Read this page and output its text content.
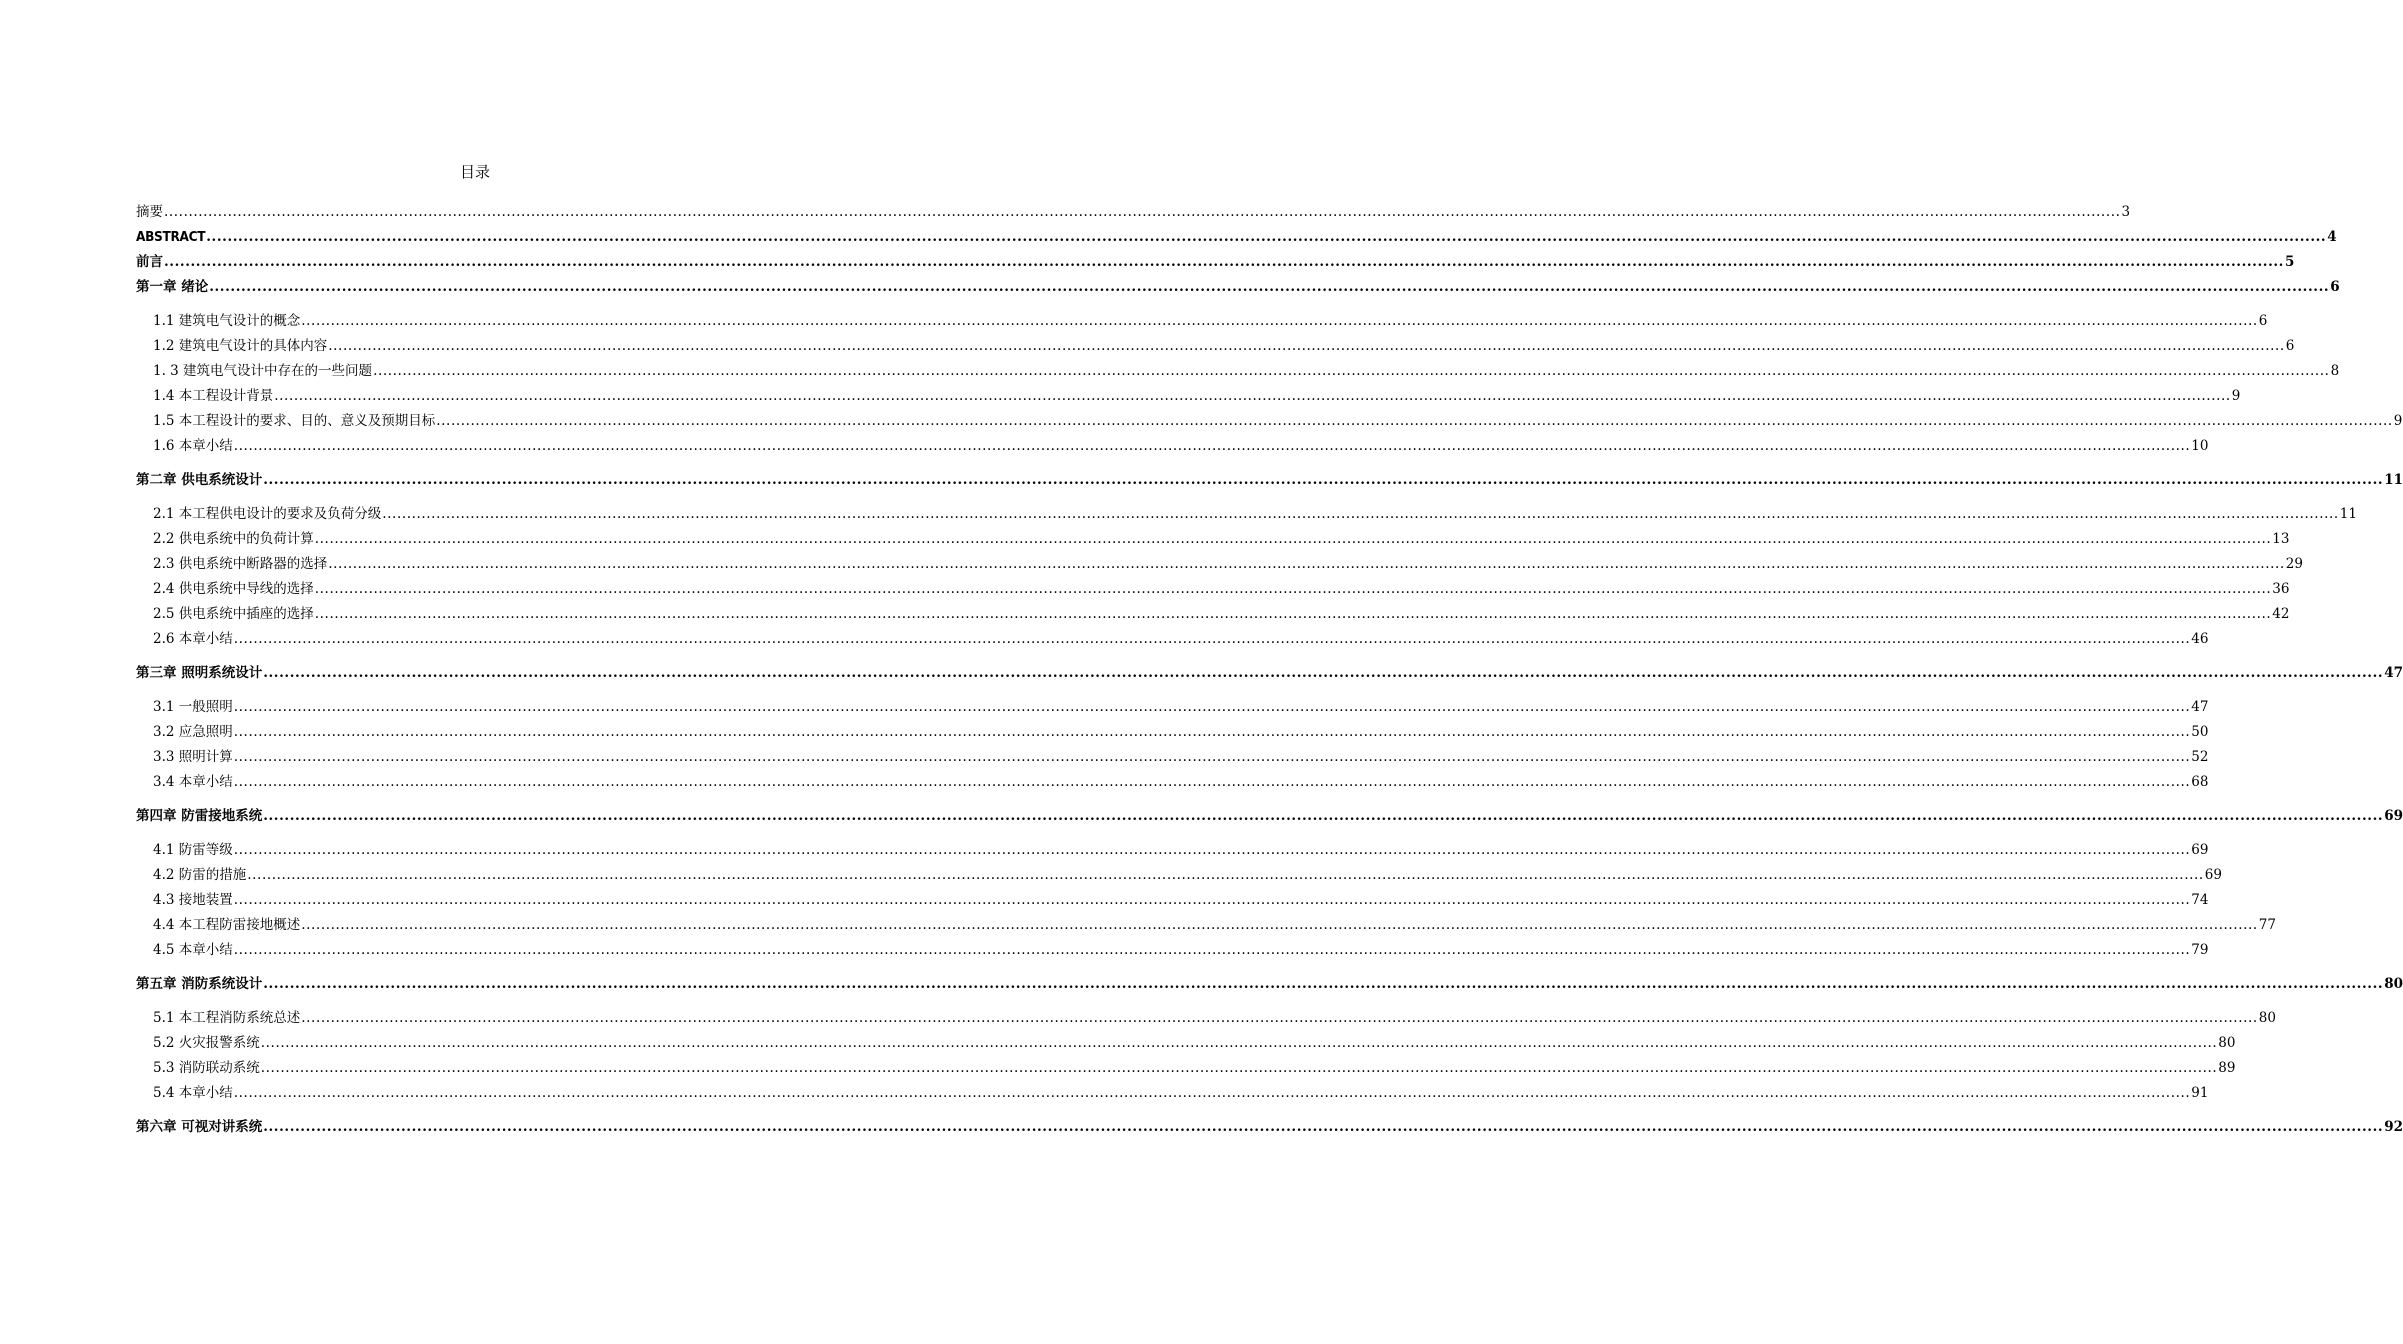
目录
摘要 ................................................................................................................................................................................................................................................................................................................................................................................................................ 3
ABSTRACT ................................................................................................................................................................................................................................................................................................................................................................................................................ 4
前言 ................................................................................................................................................................................................................................................................................................................................................................................................................ 5
第一章 绪论 ................................................................................................................................................................................................................................................................................................................................................................................................................ 6
1.1 建筑电气设计的概念 ................................................................................................................................................................................................................................................................................................................................................................................................................ 6
1.2 建筑电气设计的具体内容 ................................................................................................................................................................................................................................................................................................................................................................................................................ 6
1. 3 建筑电气设计中存在的一些问题 ................................................................................................................................................................................................................................................................................................................................................................................................................ 8
1.4 本工程设计背景 ................................................................................................................................................................................................................................................................................................................................................................................................................ 9
1.5 本工程设计的要求、目的、意义及预期目标 ................................................................................................................................................................................................................................................................................................................................................................................................................ 9
1.6 本章小结 ................................................................................................................................................................................................................................................................................................................................................................................................................ 10
第二章 供电系统设计 ................................................................................................................................................................................................................................................................................................................................................................................................................ 11
2.1 本工程供电设计的要求及负荷分级 ................................................................................................................................................................................................................................................................................................................................................................................................................ 11
2.2 供电系统中的负荷计算 ................................................................................................................................................................................................................................................................................................................................................................................................................ 13
2.3 供电系统中断路器的选择 ................................................................................................................................................................................................................................................................................................................................................................................................................ 29
2.4 供电系统中导线的选择 ................................................................................................................................................................................................................................................................................................................................................................................................................ 36
2.5 供电系统中插座的选择 ................................................................................................................................................................................................................................................................................................................................................................................................................ 42
2.6 本章小结 ................................................................................................................................................................................................................................................................................................................................................................................................................ 46
第三章 照明系统设计 ................................................................................................................................................................................................................................................................................................................................................................................................................ 47
3.1 一般照明 ................................................................................................................................................................................................................................................................................................................................................................................................................ 47
3.2 应急照明 ................................................................................................................................................................................................................................................................................................................................................................................................................ 50
3.3 照明计算 ................................................................................................................................................................................................................................................................................................................................................................................................................ 52
3.4 本章小结 ................................................................................................................................................................................................................................................................................................................................................................................................................ 68
第四章 防雷接地系统 ................................................................................................................................................................................................................................................................................................................................................................................................................ 69
4.1 防雷等级 ................................................................................................................................................................................................................................................................................................................................................................................................................ 69
4.2 防雷的措施 ................................................................................................................................................................................................................................................................................................................................................................................................................ 69
4.3 接地装置 ................................................................................................................................................................................................................................................................................................................................................................................................................ 74
4.4 本工程防雷接地概述 ................................................................................................................................................................................................................................................................................................................................................................................................................ 77
4.5 本章小结 ................................................................................................................................................................................................................................................................................................................................................................................................................ 79
第五章 消防系统设计 ................................................................................................................................................................................................................................................................................................................................................................................................................ 80
5.1 本工程消防系统总述 ................................................................................................................................................................................................................................................................................................................................................................................................................ 80
5.2 火灾报警系统 ................................................................................................................................................................................................................................................................................................................................................................................................................ 80
5.3 消防联动系统 ................................................................................................................................................................................................................................................................................................................................................................................................................ 89
5.4 本章小结 ................................................................................................................................................................................................................................................................................................................................................................................................................ 91
第六章 可视对讲系统 ................................................................................................................................................................................................................................................................................................................................................................................................................ 92
